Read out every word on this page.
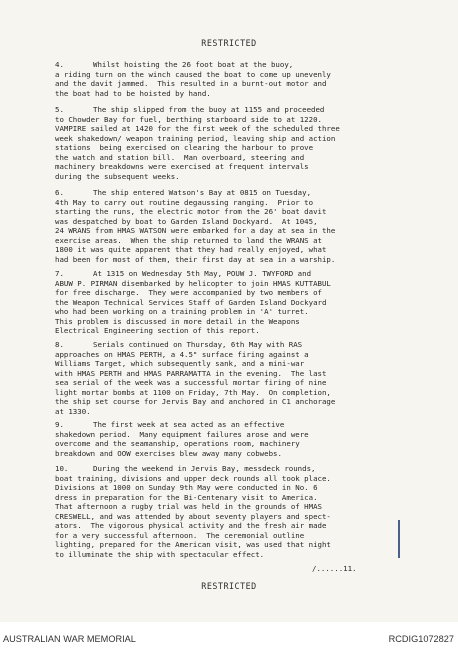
RESTRICTED
4.	Whilst hoisting the 26 foot boat at the buoy,
a riding turn on the winch caused the boat to come up unevenly
and the davit jammed.  This resulted in a burnt-out motor and
the boat had to be hoisted by hand.
5.	The ship slipped from the buoy at 1155 and proceeded
to Chowder Bay for fuel, berthing starboard side to at 1220.
VAMPIRE sailed at 1420 for the first week of the scheduled three
week shakedown/ weapon training period, leaving ship and action
stations  being exercised on clearing the harbour to prove
the watch and station bill.  Man overboard, steering and
machinery breakdowns were exercised at frequent intervals
during the subsequent weeks.
6.	The ship entered Watson's Bay at 0815 on Tuesday,
4th May to carry out routine degaussing ranging.  Prior to
starting the runs, the electric motor from the 26' boat davit
was despatched by boat to Garden Island Dockyard.  At 1045,
24 WRANS from HMAS WATSON were embarked for a day at sea in the
exercise areas.  When the ship returned to land the WRANS at
1800 it was quite apparent that they had really enjoyed, what
had been for most of them, their first day at sea in a warship.
7.	At 1315 on Wednesday 5th May, POUW J. TWYFORD and
ABUW P. PIRMAN disembarked by helicopter to join HMAS KUTTABUL
for free discharge.  They were accompanied by two members of
the Weapon Technical Services Staff of Garden Island Dockyard
who had been working on a training problem in 'A' turret.
This problem is discussed in more detail in the Weapons
Electrical Engineering section of this report.
8.	Serials continued on Thursday, 6th May with RAS
approaches on HMAS PERTH, a 4.5" surface firing against a
Williams Target, which subsequently sank, and a mini-war
with HMAS PERTH and HMAS PARRAMATTA in the evening.  The last
sea serial of the week was a successful mortar firing of nine
light mortar bombs at 1100 on Friday, 7th May.  On completion,
the ship set course for Jervis Bay and anchored in C1 anchorage
at 1330.
9.	The first week at sea acted as an effective
shakedown period.  Many equipment failures arose and were
overcome and the seamanship, operations room, machinery
breakdown and OOW exercises blew away many cobwebs.
10.	During the weekend in Jervis Bay, messdeck rounds,
boat training, divisions and upper deck rounds all took place.
Divisions at 1000 on Sunday 9th May were conducted in No. 6
dress in preparation for the Bi-Centenary visit to America.
That afternoon a rugby trial was held in the grounds of HMAS
CRESWELL, and was attended by about seventy players and spect-
ators.  The vigorous physical activity and the fresh air made
for a very successful afternoon.  The ceremonial outline
lighting, prepared for the American visit, was used that night
to illuminate the ship with spectacular effect.
/......11.
RESTRICTED
AUSTRALIAN WAR MEMORIAL	RCDIG1072827
